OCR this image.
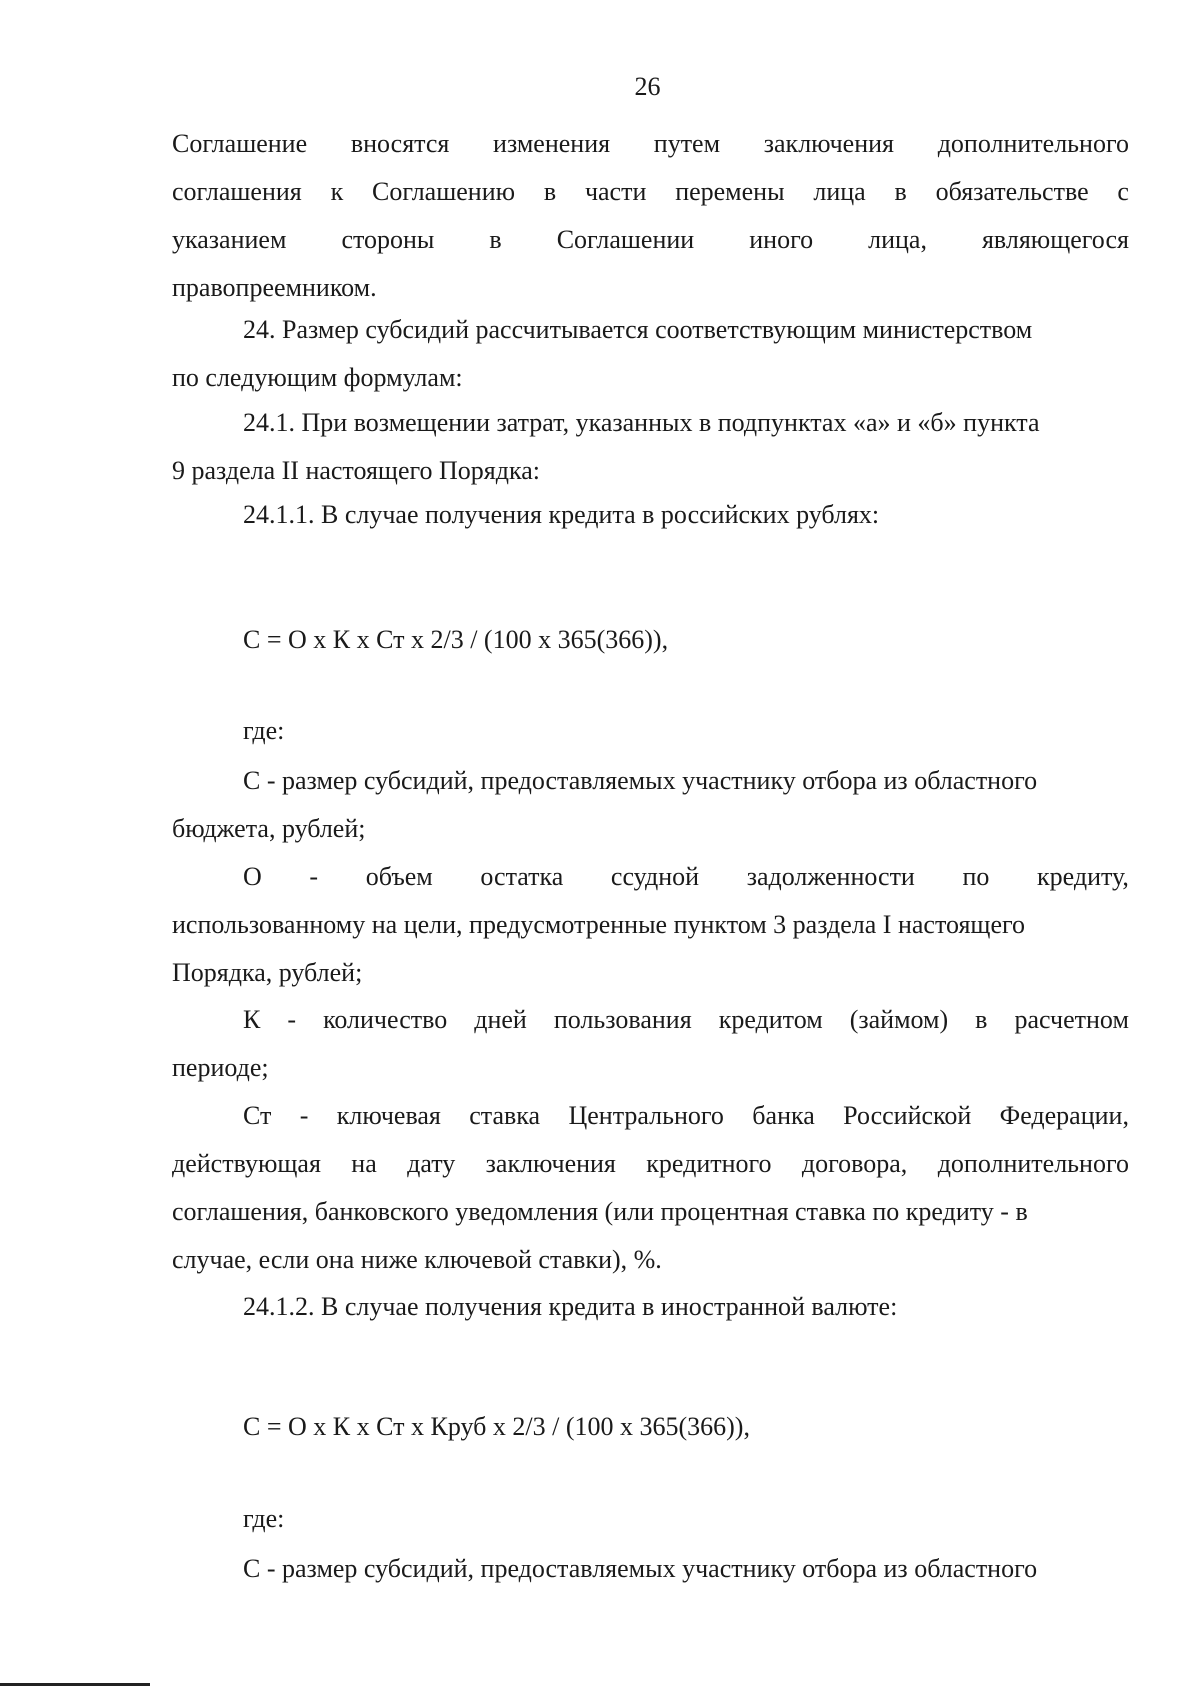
26
Соглашение вносятся изменения путем заключения дополнительного
соглашения к Соглашению в части перемены лица в обязательстве с
указанием стороны в Соглашении иного лица, являющегося
правопреемником.
24. Размер субсидий рассчитывается соответствующим министерством
по следующим формулам:
24.1. При возмещении затрат, указанных в подпунктах «а» и «б» пункта
9 раздела II настоящего Порядка:
24.1.1. В случае получения кредита в российских рублях:
С = О x К x Ст x 2/3 / (100 x 365(366)),
где:
С - размер субсидий, предоставляемых участнику отбора из областного
бюджета, рублей;
О - объем остатка ссудной задолженности по кредиту,
использованному на цели, предусмотренные пунктом 3 раздела I настоящего
Порядка, рублей;
К - количество дней пользования кредитом (займом) в расчетном
периоде;
Ст - ключевая ставка Центрального банка Российской Федерации,
действующая на дату заключения кредитного договора, дополнительного
соглашения, банковского уведомления (или процентная ставка по кредиту - в
случае, если она ниже ключевой ставки), %.
24.1.2. В случае получения кредита в иностранной валюте:
С = О x К x Ст x Круб x 2/3 / (100 x 365(366)),
где:
С - размер субсидий, предоставляемых участнику отбора из областного
